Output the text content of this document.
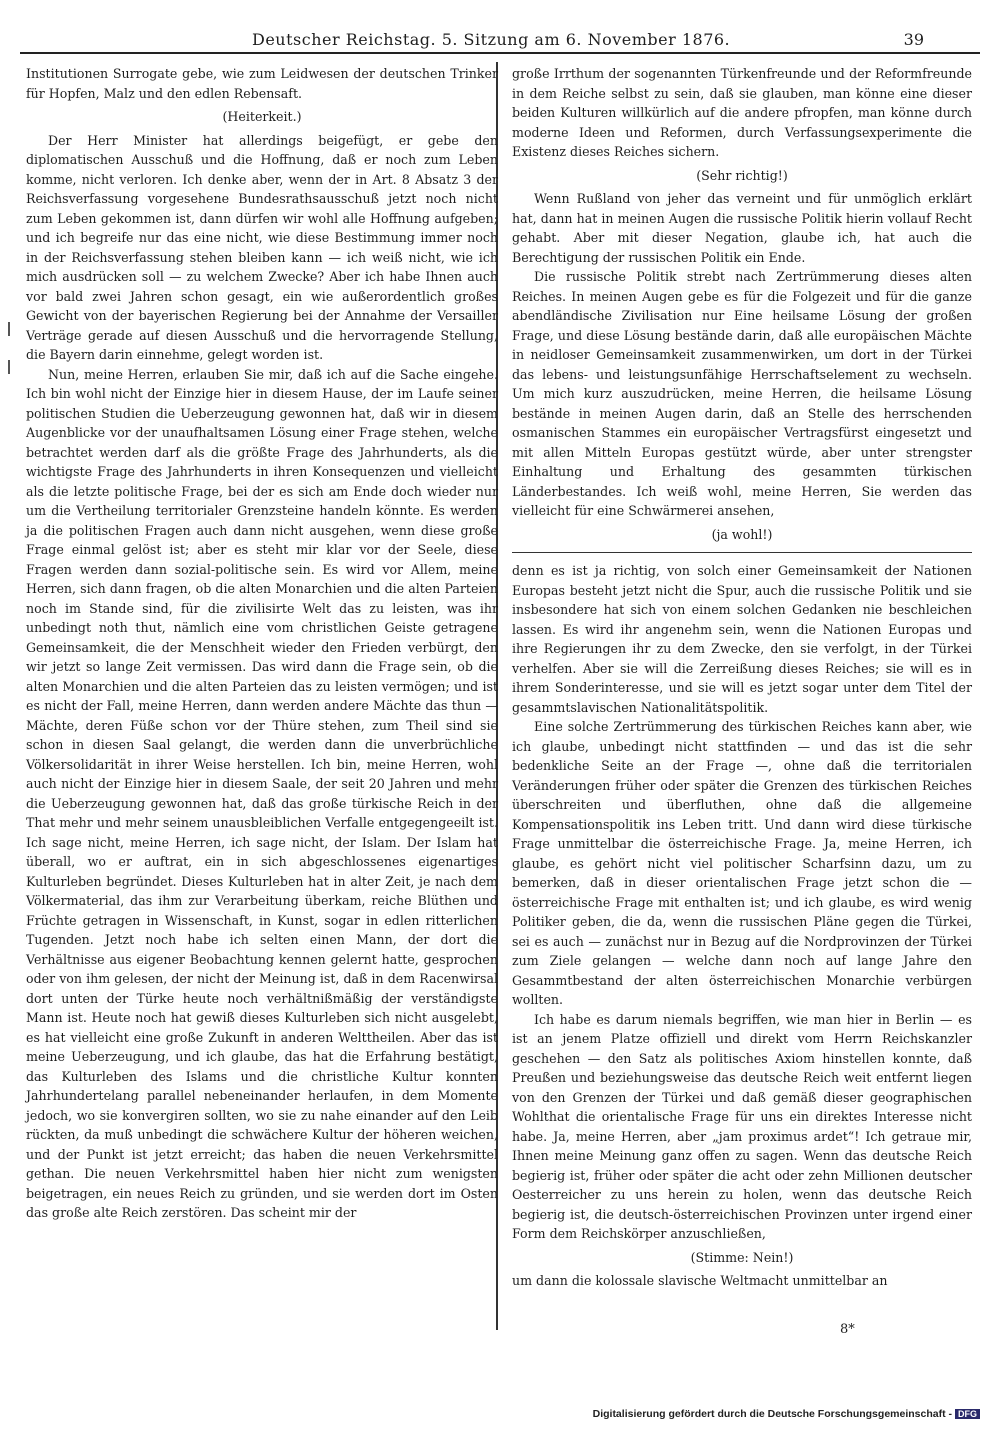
Deutscher Reichstag. 5. Sitzung am 6. November 1876.	39

Institutionen Surrogate gebe, wie zum Leidwesen der deutschen Trinker für Hopfen, Malz und den edlen Rebensaft.

(Heiterkeit.)

Der Herr Minister hat allerdings beigefügt, er gebe den diplomatischen Ausschuß und die Hoffnung, daß er noch zum Leben komme, nicht verloren. Ich denke aber, wenn der in Art. 8 Absatz 3 der Reichsverfassung vorgesehene Bundesrathsausschuß jetzt noch nicht zum Leben gekommen ist, dann dürfen wir wohl alle Hoffnung aufgeben; und ich begreife nur das eine nicht, wie diese Bestimmung immer noch in der Reichsverfassung stehen bleiben kann — ich weiß nicht, wie ich mich ausdrücken soll — zu welchem Zwecke? Aber ich habe Ihnen auch vor bald zwei Jahren schon gesagt, ein wie außerordentlich großes Gewicht von der bayerischen Regierung bei der Annahme der Versailler Verträge gerade auf diesen Ausschuß und die hervorragende Stellung, die Bayern darin einnehme, gelegt worden ist.

Nun, meine Herren, erlauben Sie mir, daß ich auf die Sache eingehe. Ich bin wohl nicht der Einzige hier in diesem Hause, der im Laufe seiner politischen Studien die Ueberzeugung gewonnen hat, daß wir in diesem Augenblicke vor der unaufhaltsamen Lösung einer Frage stehen, welche betrachtet werden darf als die größte Frage des Jahrhunderts, als die wichtigste Frage des Jahrhunderts in ihren Konsequenzen und vielleicht als die letzte politische Frage, bei der es sich am Ende doch wieder nur um die Vertheilung territorialer Grenzsteine handeln könnte. Es werden ja die politischen Fragen auch dann nicht ausgehen, wenn diese große Frage einmal gelöst ist; aber es steht mir klar vor der Seele, diese Fragen werden dann sozial-politische sein. Es wird vor Allem, meine Herren, sich dann fragen, ob die alten Monarchien und die alten Parteien noch im Stande sind, für die zivilisirte Welt das zu leisten, was ihr unbedingt noth thut, nämlich eine vom christlichen Geiste getragene Gemeinsamkeit, die der Menschheit wieder den Frieden verbürgt, den wir jetzt so lange Zeit vermissen. Das wird dann die Frage sein, ob die alten Monarchien und die alten Parteien das zu leisten vermögen; und ist es nicht der Fall, meine Herren, dann werden andere Mächte das thun — Mächte, deren Füße schon vor der Thüre stehen, zum Theil sind sie schon in diesen Saal gelangt, die werden dann die unverbrüchliche Völkersolidarität in ihrer Weise herstellen. Ich bin, meine Herren, wohl auch nicht der Einzige hier in diesem Saale, der seit 20 Jahren und mehr die Ueberzeugung gewonnen hat, daß das große türkische Reich in der That mehr und mehr seinem unausbleiblichen Verfalle entgegengeeilt ist. Ich sage nicht, meine Herren, ich sage nicht, der Islam. Der Islam hat überall, wo er auftrat, ein in sich abgeschlossenes eigenartiges Kulturleben begründet. Dieses Kulturleben hat in alter Zeit, je nach dem Völkermaterial, das ihm zur Verarbeitung überkam, reiche Blüthen und Früchte getragen in Wissenschaft, in Kunst, sogar in edlen ritterlichen Tugenden. Jetzt noch habe ich selten einen Mann, der dort die Verhältnisse aus eigener Beobachtung kennen gelernt hatte, gesprochen oder von ihm gelesen, der nicht der Meinung ist, daß in dem Racenwirsal dort unten der Türke heute noch verhältnißmäßig der verständigste Mann ist. Heute noch hat gewiß dieses Kulturleben sich nicht ausgelebt, es hat vielleicht eine große Zukunft in anderen Welttheilen. Aber das ist meine Ueberzeugung, und ich glaube, das hat die Erfahrung bestätigt, das Kulturleben des Islams und die christliche Kultur konnten Jahrhundertelang parallel nebeneinander herlaufen, in dem Momente jedoch, wo sie konvergiren sollten, wo sie zu nahe einander auf den Leib rückten, da muß unbedingt die schwächere Kultur der höheren weichen, und der Punkt ist jetzt erreicht; das haben die neuen Verkehrsmittel gethan. Die neuen Verkehrsmittel haben hier nicht zum wenigsten beigetragen, ein neues Reich zu gründen, und sie werden dort im Osten das große alte Reich zerstören. Das scheint mir der

große Irrthum der sogenannten Türkenfreunde und der Reformfreunde in dem Reiche selbst zu sein, daß sie glauben, man könne eine dieser beiden Kulturen willkürlich auf die andere pfropfen, man könne durch moderne Ideen und Reformen, durch Verfassungsexperimente die Existenz dieses Reiches sichern.

(Sehr richtig!)

Wenn Rußland von jeher das verneint und für unmöglich erklärt hat, dann hat in meinen Augen die russische Politik hierin vollauf Recht gehabt. Aber mit dieser Negation, glaube ich, hat auch die Berechtigung der russischen Politik ein Ende.

Die russische Politik strebt nach Zertrümmerung dieses alten Reiches. In meinen Augen gebe es für die Folgezeit und für die ganze abendländische Zivilisation nur Eine heilsame Lösung der großen Frage, und diese Lösung bestände darin, daß alle europäischen Mächte in neidloser Gemeinsamkeit zusammenwirken, um dort in der Türkei das lebens- und leistungsunfähige Herrschaftselement zu wechseln. Um mich kurz auszudrücken, meine Herren, die heilsame Lösung bestände in meinen Augen darin, daß an Stelle des herrschenden osmanischen Stammes ein europäischer Vertragsfürst eingesetzt und mit allen Mitteln Europas gestützt würde, aber unter strengster Einhaltung und Erhaltung des gesammten türkischen Länderbestandes. Ich weiß wohl, meine Herren, Sie werden das vielleicht für eine Schwärmerei ansehen,

(ja wohl!)

denn es ist ja richtig, von solch einer Gemeinsamkeit der Nationen Europas besteht jetzt nicht die Spur, auch die russische Politik und sie insbesondere hat sich von einem solchen Gedanken nie beschleichen lassen. Es wird ihr angenehm sein, wenn die Nationen Europas und ihre Regierungen ihr zu dem Zwecke, den sie verfolgt, in der Türkei verhelfen. Aber sie will die Zerreißung dieses Reiches; sie will es in ihrem Sonderinteresse, und sie will es jetzt sogar unter dem Titel der gesammtslavischen Nationalitätspolitik.

Eine solche Zertrümmerung des türkischen Reiches kann aber, wie ich glaube, unbedingt nicht stattfinden — und das ist die sehr bedenkliche Seite an der Frage —, ohne daß die territorialen Veränderungen früher oder später die Grenzen des türkischen Reiches überschreiten und überfluthen, ohne daß die allgemeine Kompensationspolitik ins Leben tritt. Und dann wird diese türkische Frage unmittelbar die österreichische Frage. Ja, meine Herren, ich glaube, es gehört nicht viel politischer Scharfsinn dazu, um zu bemerken, daß in dieser orientalischen Frage jetzt schon die — österreichische Frage mit enthalten ist; und ich glaube, es wird wenig Politiker geben, die da, wenn die russischen Pläne gegen die Türkei, sei es auch — zunächst nur in Bezug auf die Nordprovinzen der Türkei zum Ziele gelangen — welche dann noch auf lange Jahre den Gesammtbestand der alten österreichischen Monarchie verbürgen wollten.

Ich habe es darum niemals begriffen, wie man hier in Berlin — es ist an jenem Platze offiziell und direkt vom Herrn Reichskanzler geschehen — den Satz als politisches Axiom hinstellen konnte, daß Preußen und beziehungsweise das deutsche Reich weit entfernt liegen von den Grenzen der Türkei und daß gemäß dieser geographischen Wohlthat die orientalische Frage für uns ein direktes Interesse nicht habe. Ja, meine Herren, aber „jam proximus ardet“! Ich getraue mir, Ihnen meine Meinung ganz offen zu sagen. Wenn das deutsche Reich begierig ist, früher oder später die acht oder zehn Millionen deutscher Oesterreicher zu uns herein zu holen, wenn das deutsche Reich begierig ist, die deutsch-österreichischen Provinzen unter irgend einer Form dem Reichskörper anzuschließen,

(Stimme: Nein!)

um dann die kolossale slavische Weltmacht unmittelbar an

8*
Digitalisierung gefördert durch die Deutsche Forschungsgemeinschaft - DFG
